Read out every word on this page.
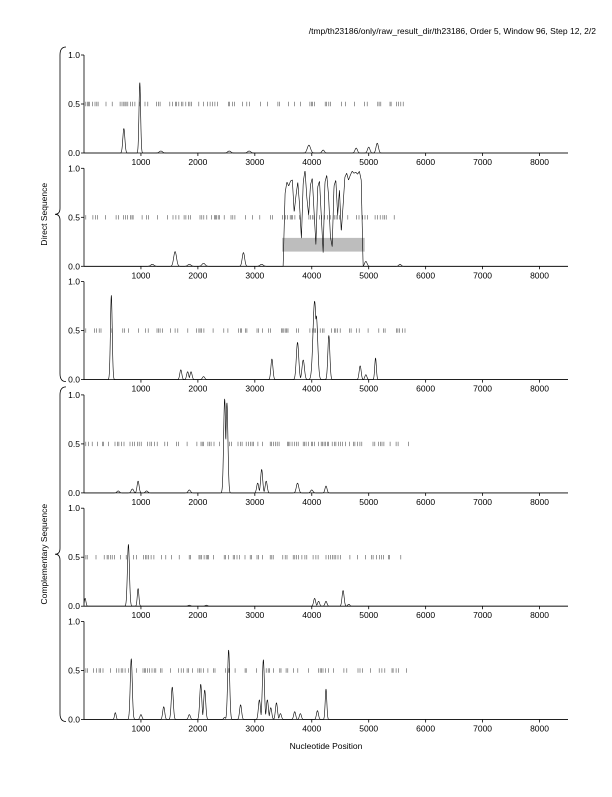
/tmp/th23186/only/raw_result_dir/th23186, Order 5, Window 96, Step 12, 2/2
0.0
0.5
1.0
1000	2000	3000	4000	5000	6000	7000	8000
0.0
0.5
1.0
1000	2000	3000	4000	5000	6000	7000	8000
0.0
0.5
1.0
1000	2000	3000	4000	5000	6000	7000	8000
0.0
0.5
1.0
1000	2000	3000	4000	5000	6000	7000	8000
0.0
0.5
1.0
1000	2000	3000	4000	5000	6000	7000	8000
0.0
0.5
1.0
1000	2000	3000	4000	5000	6000	7000	8000
Direct Sequence
Complementary Sequence
Nucleotide Position
